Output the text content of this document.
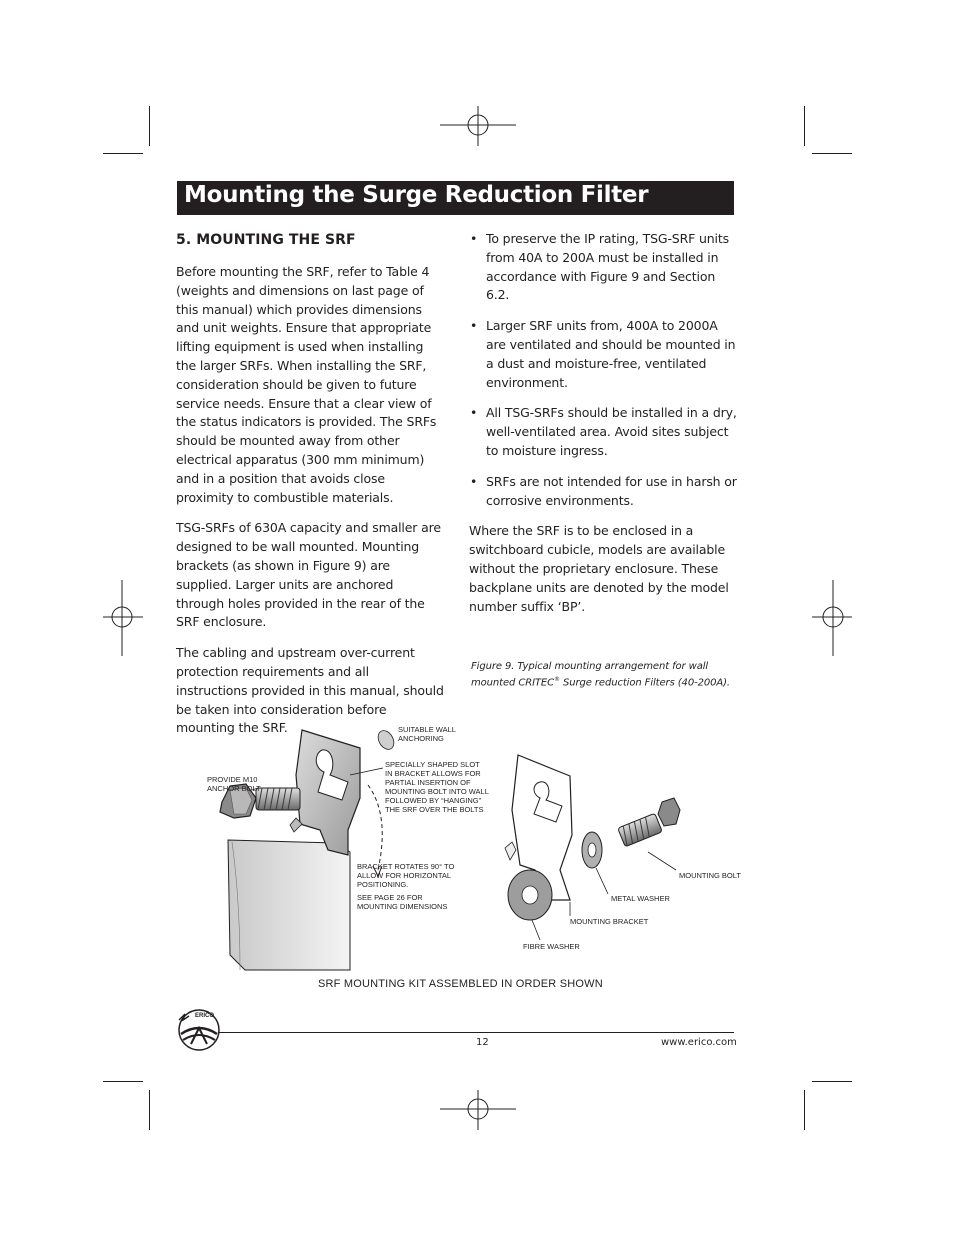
Mounting the Surge Reduction Filter
5. MOUNTING THE SRF

Before mounting the SRF, refer to Table 4 (weights and dimensions on last page of this manual) which provides dimensions and unit weights. Ensure that appropriate lifting equipment is used when installing the larger SRFs. When installing the SRF, consideration should be given to future service needs. Ensure that a clear view of the status indicators is provided. The SRFs should be mounted away from other electrical apparatus (300 mm minimum) and in a position that avoids close proximity to combustible materials.

TSG-SRFs of 630A capacity and smaller are designed to be wall mounted. Mounting brackets (as shown in Figure 9) are supplied. Larger units are anchored through holes provided in the rear of the SRF enclosure.

The cabling and upstream over-current protection requirements and all instructions provided in this manual, should be taken into consideration before mounting the SRF.

• To preserve the IP rating, TSG-SRF units from 40A to 200A must be installed in accordance with Figure 9 and Section 6.2.
• Larger SRF units from, 400A to 2000A are ventilated and should be mounted in a dust and moisture-free, ventilated environment.
• All TSG-SRFs should be installed in a dry, well-ventilated area. Avoid sites subject to moisture ingress.
• SRFs are not intended for use in harsh or corrosive environments.

Where the SRF is to be enclosed in a switchboard cubicle, models are available without the proprietary enclosure. These backplane units are denoted by the model number suffix ‘BP’.

Figure 9. Typical mounting arrangement for wall mounted CRITEC® Surge reduction Filters (40-200A).
SUITABLE WALL
ANCHORING
PROVIDE M10
ANCHOR BOLT
SPECIALLY SHAPED SLOT
IN BRACKET ALLOWS FOR
PARTIAL INSERTION OF
MOUNTING BOLT INTO WALL
FOLLOWED BY “HANGING”
THE SRF OVER THE BOLTS
BRACKET ROTATES 90° TO
ALLOW FOR HORIZONTAL
POSITIONING.
SEE PAGE 26 FOR
MOUNTING DIMENSIONS
MOUNTING BOLT
METAL WASHER
MOUNTING BRACKET
FIBRE WASHER
SRF MOUNTING KIT ASSEMBLED IN ORDER SHOWN
ERICO
12	www.erico.com
